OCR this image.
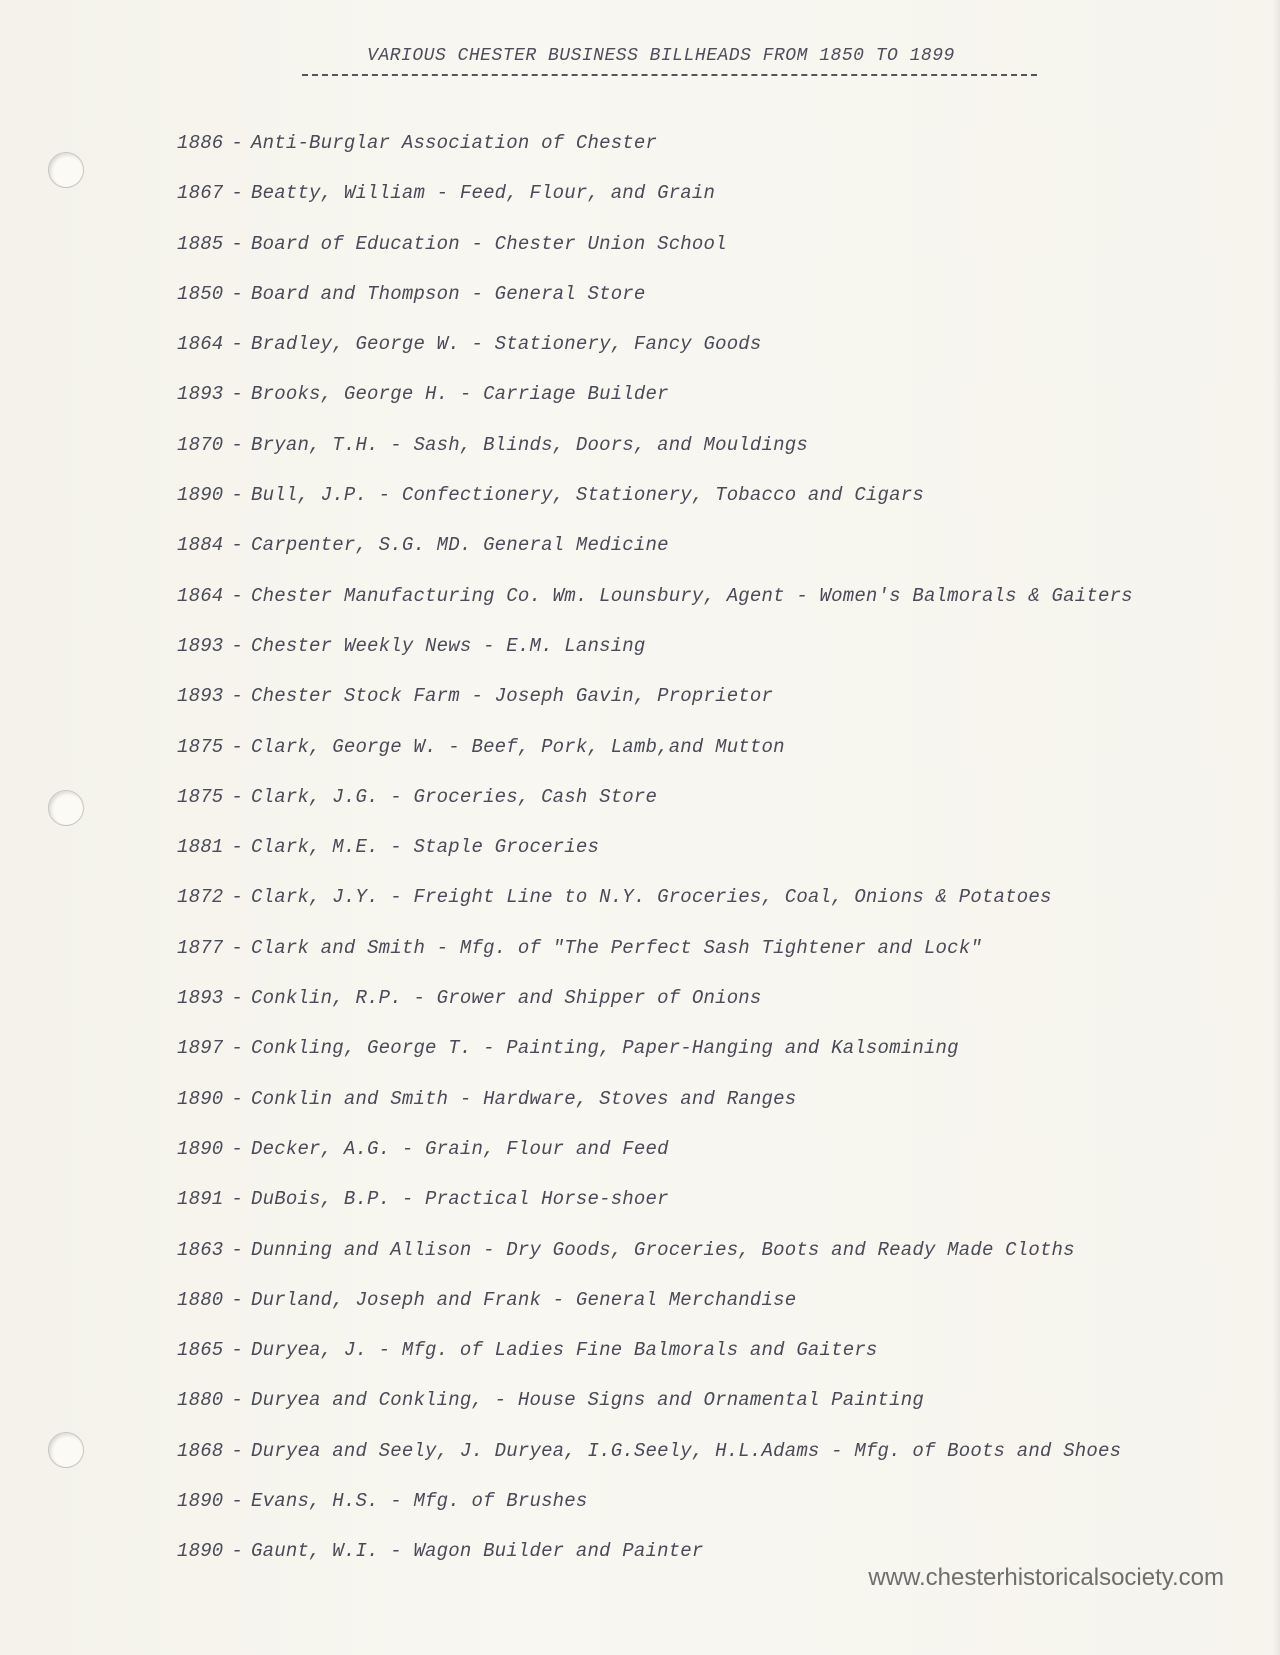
VARIOUS CHESTER BUSINESS BILLHEADS FROM 1850 TO 1899
1886 - Anti-Burglar Association of Chester
1867 - Beatty, William - Feed, Flour, and Grain
1885 - Board of Education - Chester Union School
1850 - Board and Thompson - General Store
1864 - Bradley, George W. - Stationery, Fancy Goods
1893 - Brooks, George H. - Carriage Builder
1870 - Bryan, T.H. - Sash, Blinds, Doors, and Mouldings
1890 - Bull, J.P. - Confectionery, Stationery, Tobacco and Cigars
1884 - Carpenter, S.G. MD. General Medicine
1864 - Chester Manufacturing Co. Wm. Lounsbury, Agent - Women's Balmorals & Gaiters
1893 - Chester Weekly News - E.M. Lansing
1893 - Chester Stock Farm - Joseph Gavin, Proprietor
1875 - Clark, George W. - Beef, Pork, Lamb,and Mutton
1875 - Clark, J.G. - Groceries, Cash Store
1881 - Clark, M.E. - Staple Groceries
1872 - Clark, J.Y. - Freight Line to N.Y. Groceries, Coal, Onions & Potatoes
1877 - Clark and Smith - Mfg. of "The Perfect Sash Tightener and Lock"
1893 - Conklin, R.P. - Grower and Shipper of Onions
1897 - Conkling, George T. - Painting, Paper-Hanging and Kalsomining
1890 - Conklin and Smith - Hardware, Stoves and Ranges
1890 - Decker, A.G. - Grain, Flour and Feed
1891 - DuBois, B.P. - Practical Horse-shoer
1863 - Dunning and Allison - Dry Goods, Groceries, Boots and Ready Made Cloths
1880 - Durland, Joseph and Frank - General Merchandise
1865 - Duryea, J. - Mfg. of Ladies Fine Balmorals and Gaiters
1880 - Duryea and Conkling, - House Signs and Ornamental Painting
1868 - Duryea and Seely, J. Duryea, I.G.Seely, H.L.Adams - Mfg. of Boots and Shoes
1890 - Evans, H.S. - Mfg. of Brushes
1890 - Gaunt, W.I. - Wagon Builder and Painter
www.chesterhistoricalsociety.com
